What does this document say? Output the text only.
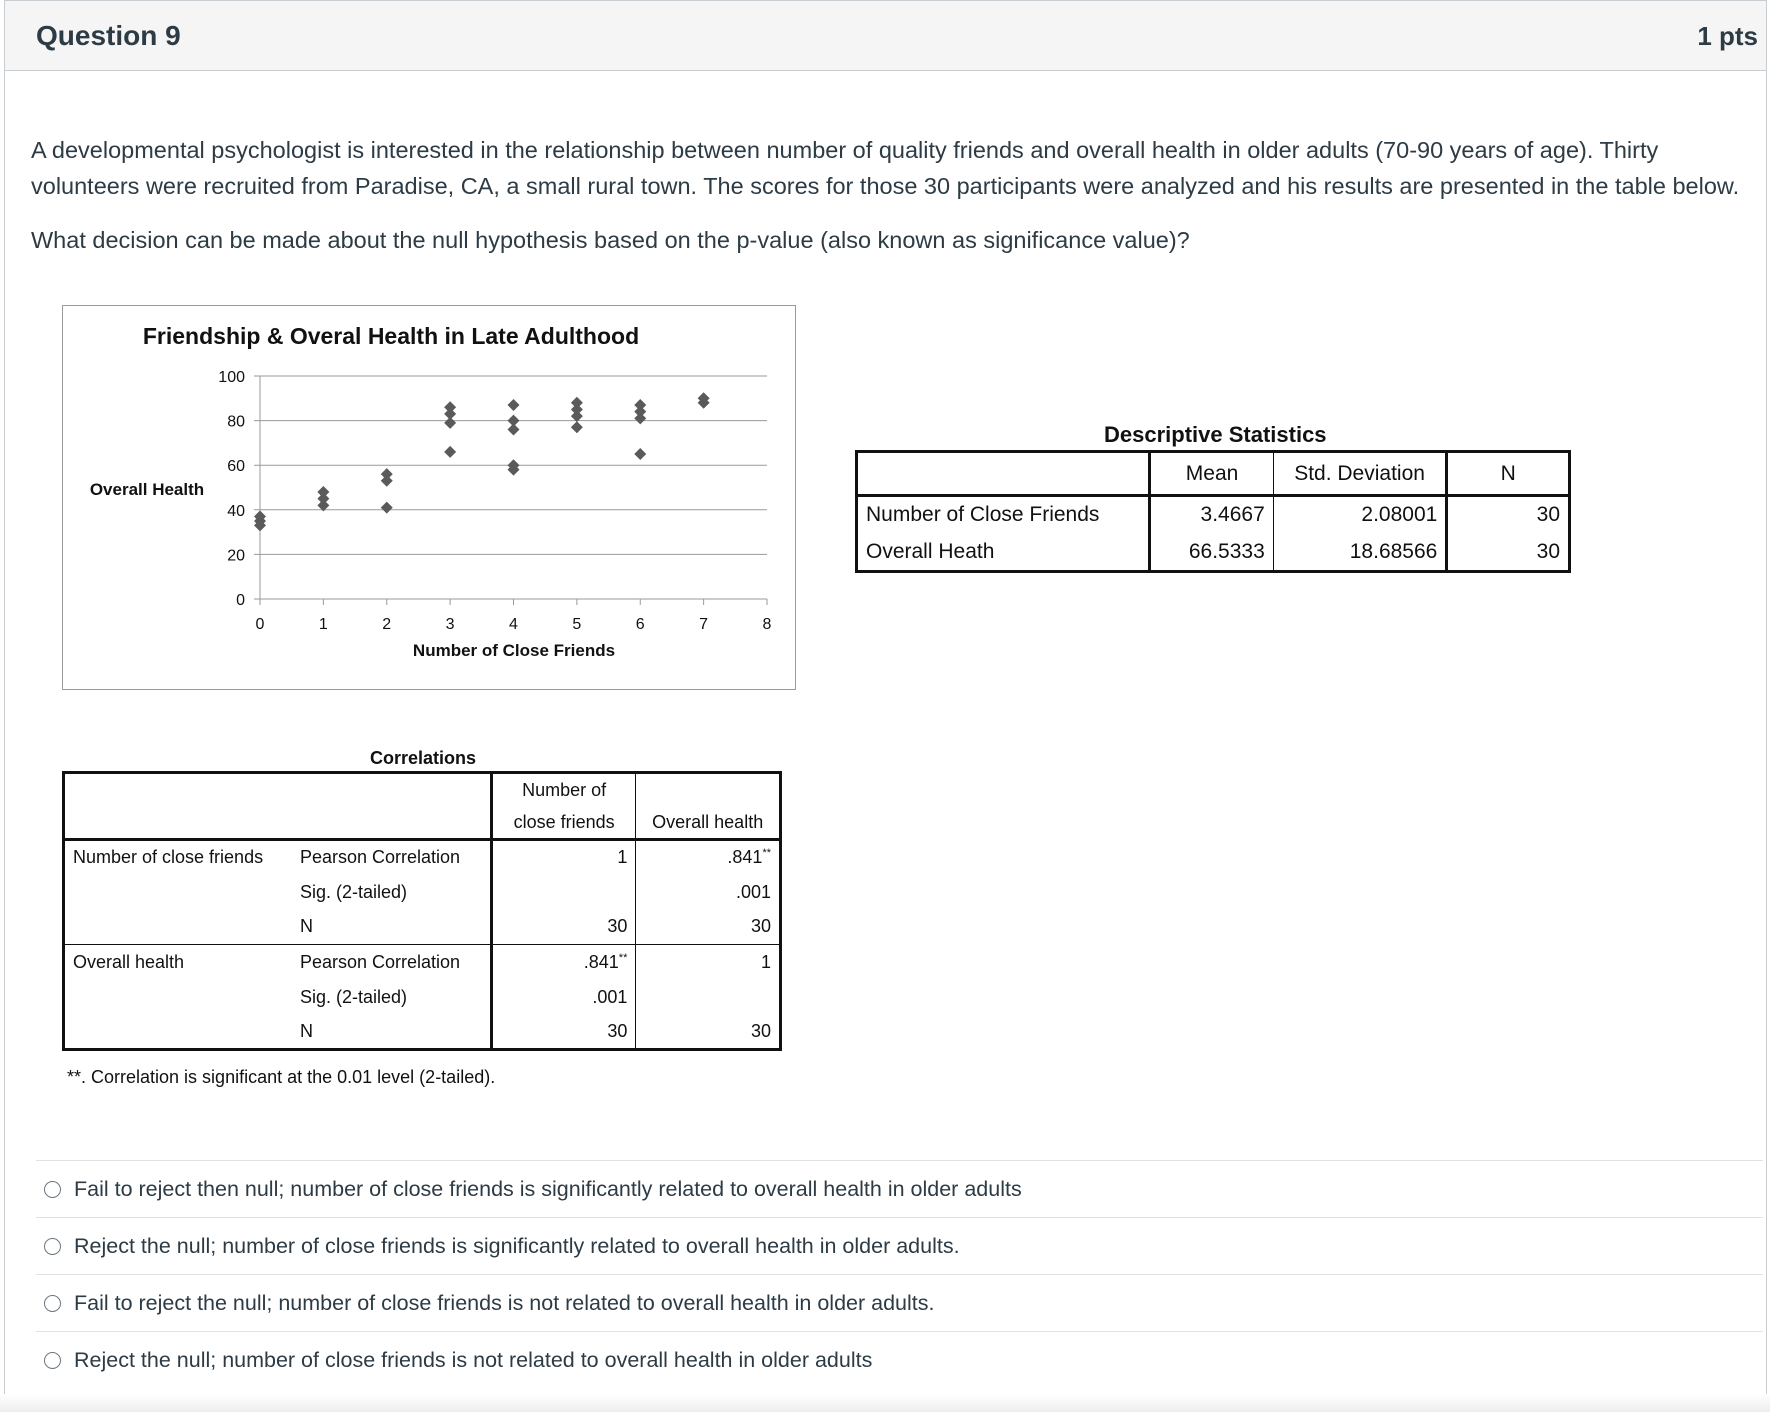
Question 9	1 pts

A developmental psychologist is interested in the relationship between number of quality friends and overall health in older adults (70-90 years of age). Thirty volunteers were recruited from Paradise, CA, a small rural town. The scores for those 30 participants were analyzed and his results are presented in the table below.

What decision can be made about the null hypothesis based on the p-value (also known as significance value)?

Friendship & Overal Health in Late Adulthood
Overall Health
Number of Close Friends
0
20
40
60
80
100
0	1	2	3	4	5	6	7	8
Descriptive Statistics
	Mean	Std. Deviation	N
Number of Close Friends	3.4667	2.08001	30
Overall Heath	66.5333	18.68566	30
Correlations
		Number of close friends	Overall health
Number of close friends	Pearson Correlation	1	.841**
	Sig. (2-tailed)		.001
	N	30	30
Overall health	Pearson Correlation	.841**	1
	Sig. (2-tailed)	.001	
	N	30	30
**. Correlation is significant at the 0.01 level (2-tailed).
Fail to reject then null; number of close friends is significantly related to overall health in older adults
Reject the null; number of close friends is significantly related to overall health in older adults.
Fail to reject the null; number of close friends is not related to overall health in older adults.
Reject the null; number of close friends is not related to overall health in older adults
